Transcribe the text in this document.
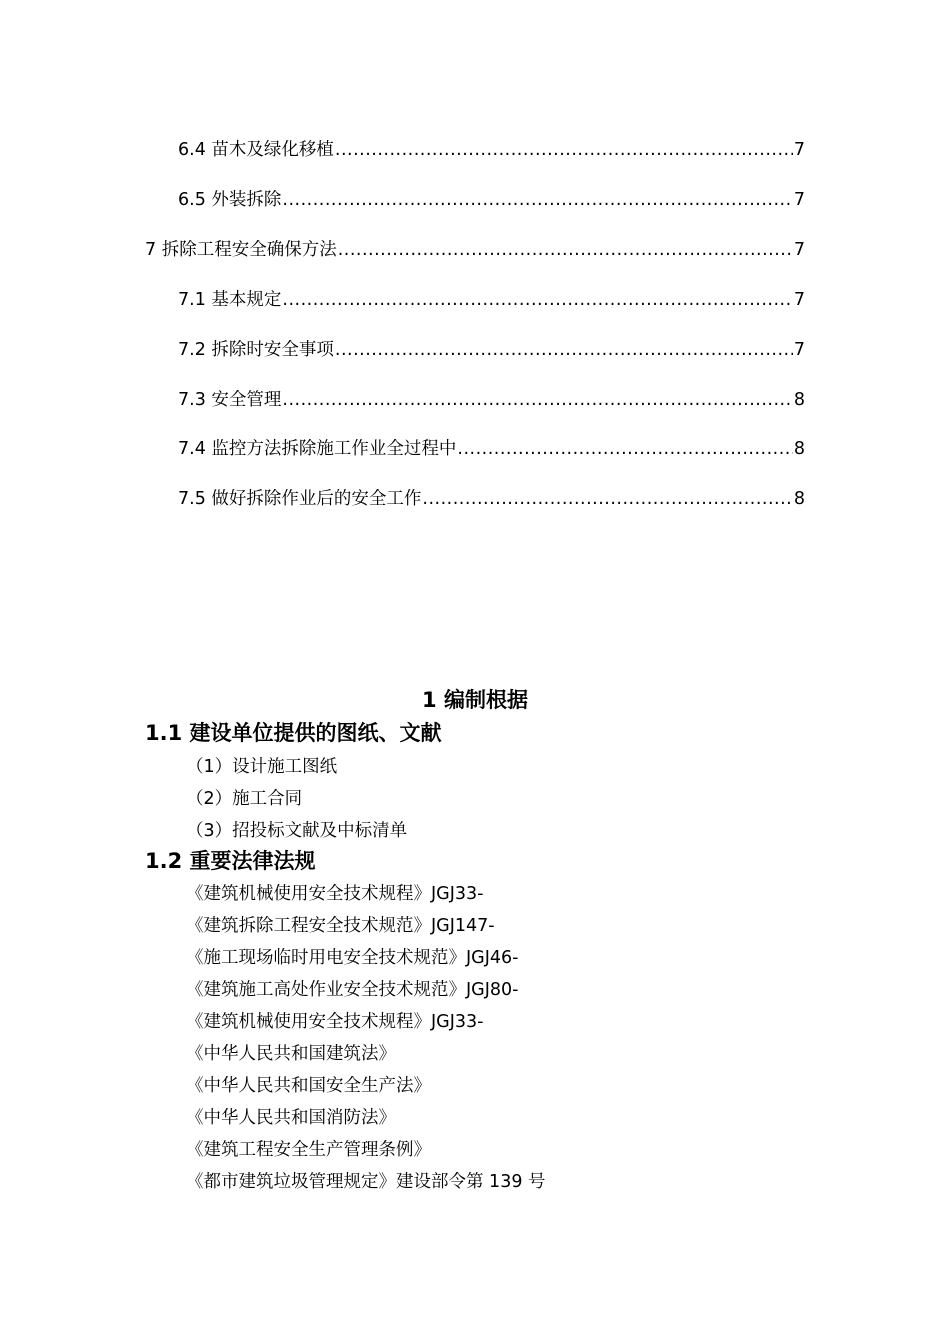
6.4 苗木及绿化移植 .....	7
6.5 外装拆除 .....	7
7 拆除工程安全确保方法 .....	7
7.1 基本规定 .....	7
7.2 拆除时安全事项 .....	7
7.3 安全管理 .....	8
7.4 监控方法拆除施工作业全过程中 .....	8
7.5 做好拆除作业后的安全工作 .....	8
1 编制根据
1.1 建设单位提供的图纸、文献
（1）设计施工图纸
（2）施工合同
（3）招投标文献及中标清单
1.2 重要法律法规
《建筑机械使用安全技术规程》JGJ33-
《建筑拆除工程安全技术规范》JGJ147-
《施工现场临时用电安全技术规范》JGJ46-
《建筑施工高处作业安全技术规范》JGJ80-
《建筑机械使用安全技术规程》JGJ33-
《中华人民共和国建筑法》
《中华人民共和国安全生产法》
《中华人民共和国消防法》
《建筑工程安全生产管理条例》
《都市建筑垃圾管理规定》建设部令第 139 号
